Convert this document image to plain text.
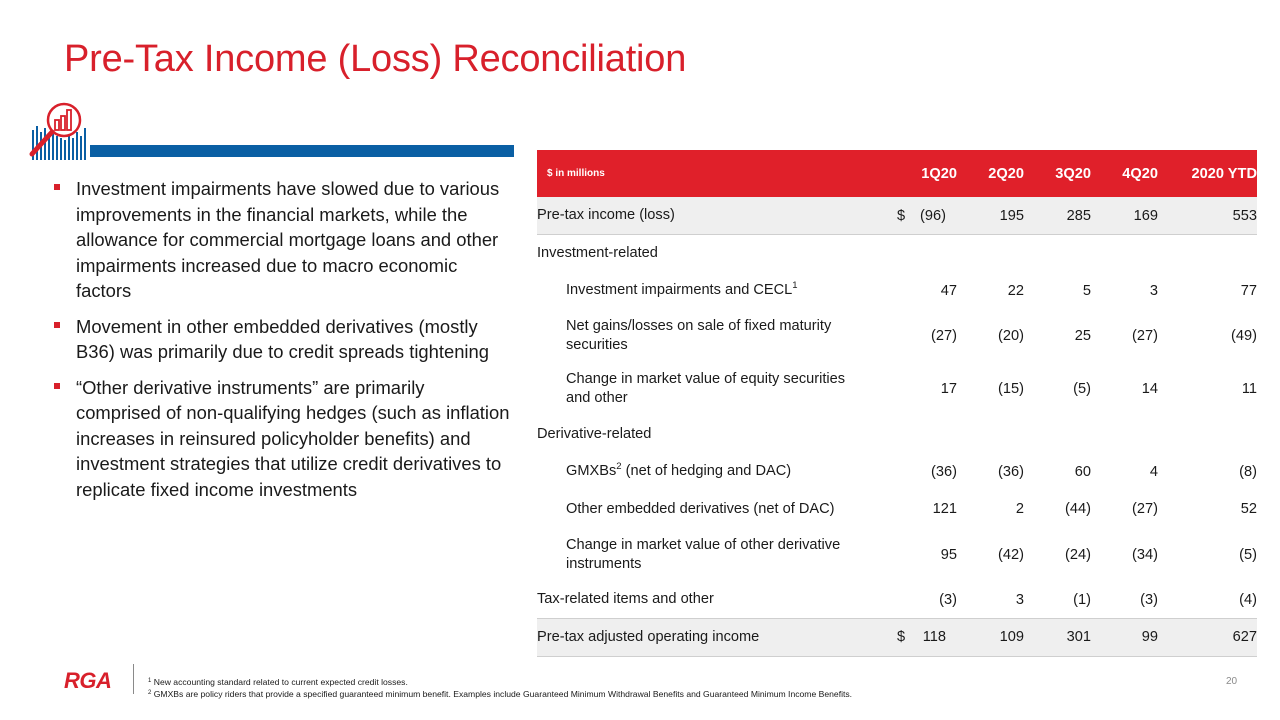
Pre-Tax Income (Loss) Reconciliation
Investment impairments have slowed due to various improvements in the financial markets, while the allowance for commercial mortgage loans and other impairments increased due to macro economic factors
Movement in other embedded derivatives (mostly B36) was primarily due to credit spreads tightening
“Other derivative instruments” are primarily comprised of non-qualifying hedges (such as inflation increases in reinsured policyholder benefits) and investment strategies that utilize credit derivatives to replicate fixed income investments
$ in millions	1Q20	2Q20	3Q20	4Q20	2020 YTD
Pre-tax income (loss)	$ (96)	195	285	169	553
Investment-related					
Investment impairments and CECL$^1$	47	22	5	3	77
Net gains/losses on sale of fixed maturity securities	(27)	(20)	25	(27)	(49)
Change in market value of equity securities and other	17	(15)	(5)	14	11
Derivative-related					
GMXBs$^2$ (net of hedging and DAC)	(36)	(36)	60	4	(8)
Other embedded derivatives (net of DAC)	121	2	(44)	(27)	52
Change in market value of other derivative instruments	95	(42)	(24)	(34)	(5)
Tax-related items and other	(3)	3	(1)	(3)	(4)
Pre-tax adjusted operating income	$ 118	109	301	99	627
RGA	$^1$ New accounting standard related to current expected credit losses.
$^2$ GMXBs are policy riders that provide a specified guaranteed minimum benefit. Examples include Guaranteed Minimum Withdrawal Benefits and Guaranteed Minimum Income Benefits.
20
